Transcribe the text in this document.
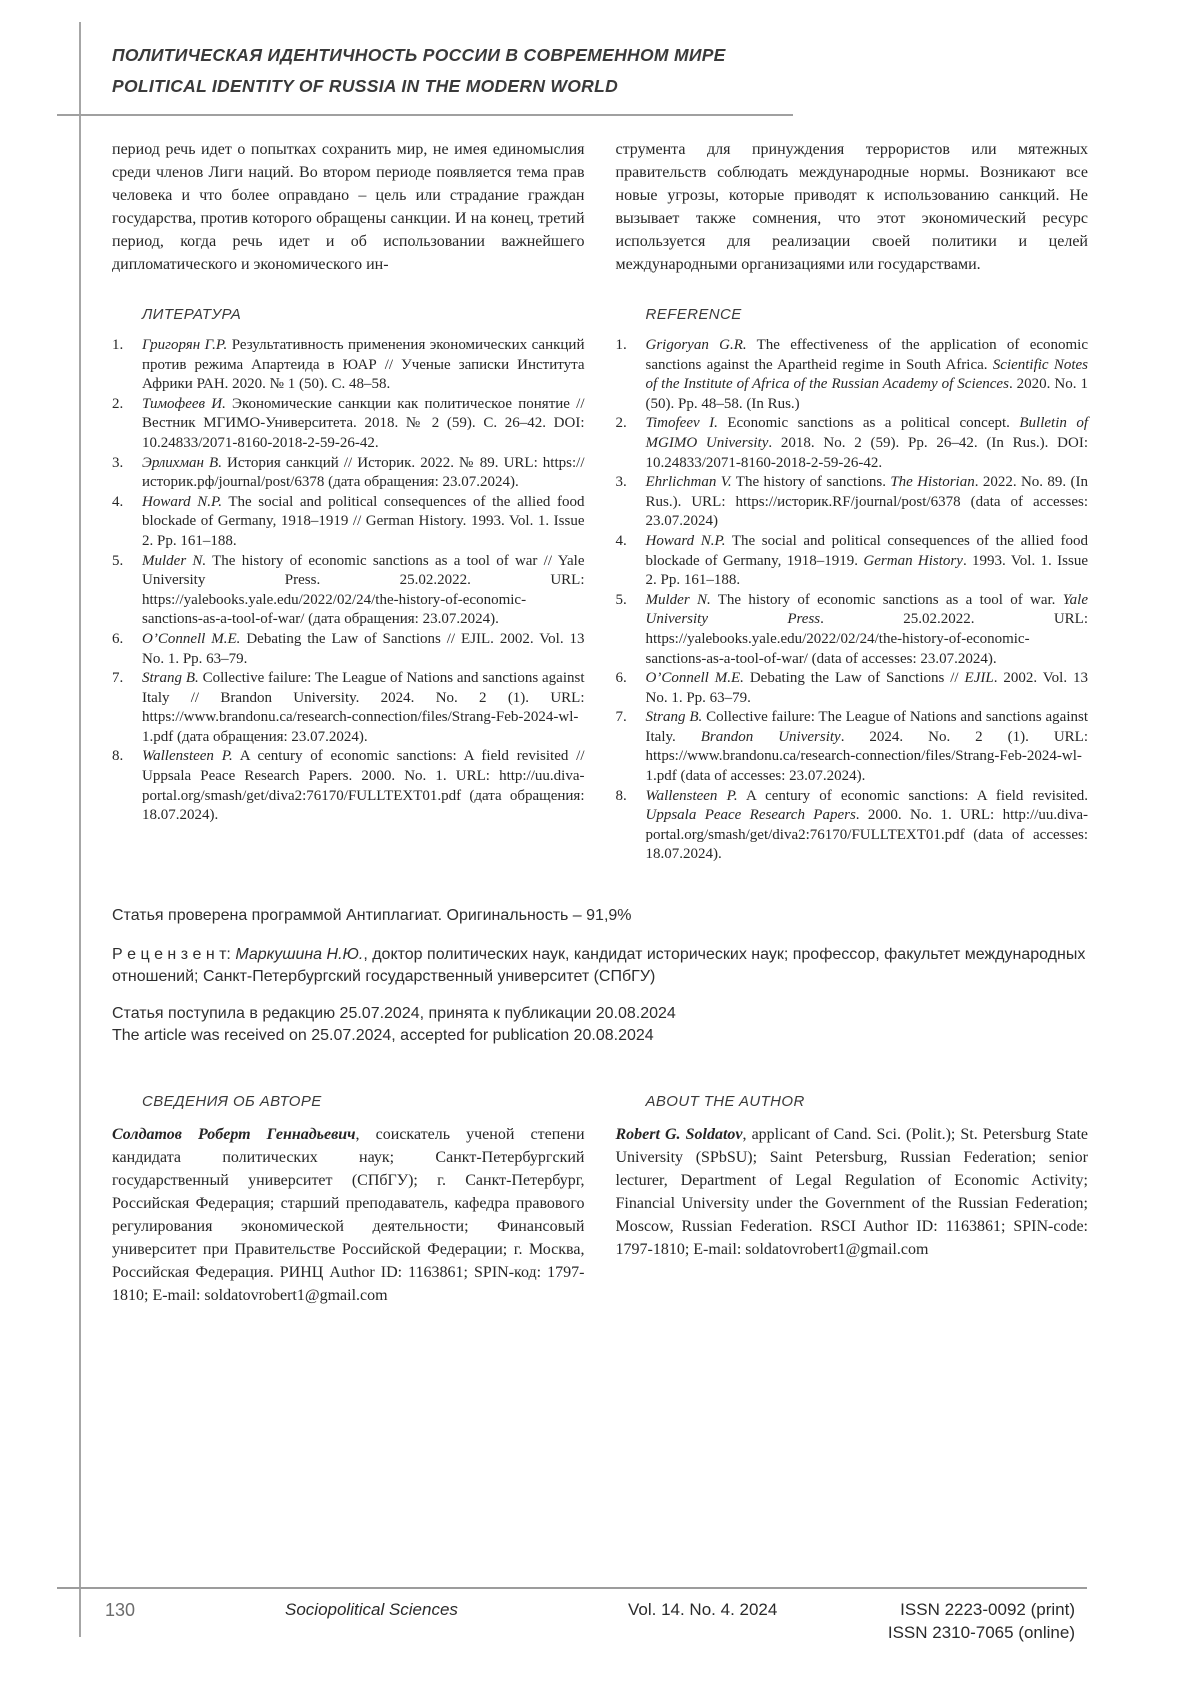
ПОЛИТИЧЕСКАЯ ИДЕНТИЧНОСТЬ РОССИИ В СОВРЕМЕННОМ МИРЕ
POLITICAL IDENTITY OF RUSSIA IN THE MODERN WORLD

период речь идет о попытках сохранить мир, не имея единомыслия среди членов Лиги наций. Во втором периоде появляется тема прав человека и что более оправдано – цель или страдание граждан государства, против которого обращены санкции. И на конец, третий период, когда речь идет и об использовании важнейшего дипломатического и экономического ин-

ЛИТЕРАТУРА
1.	Григорян Г.Р. Результативность применения экономических санкций против режима Апартеида в ЮАР // Ученые записки Института Африки РАН. 2020. № 1 (50). С. 48–58.
2.	Тимофеев И. Экономические санкции как политическое понятие // Вестник МГИМО-Университета. 2018. № 2 (59). С. 26–42. DOI: 10.24833/2071-8160-2018-2-59-26-42.
3.	Эрлихман В. История санкций // Историк. 2022. № 89. URL: https://историк.рф/journal/post/6378 (дата обращения: 23.07.2024).
4.	Howard N.P. The social and political consequences of the allied food blockade of Germany, 1918–1919 // German History. 1993. Vol. 1. Issue 2. Pp. 161–188.
5.	Mulder N. The history of economic sanctions as a tool of war // Yale University Press. 25.02.2022. URL: https://yalebooks.yale.edu/2022/02/24/the-history-of-economic-sanctions-as-a-tool-of-war/ (дата обращения: 23.07.2024).
6.	O’Connell M.E. Debating the Law of Sanctions // EJIL. 2002. Vol. 13 No. 1. Pp. 63–79.
7.	Strang B. Collective failure: The League of Nations and sanctions against Italy // Brandon University. 2024. No. 2 (1). URL: https://www.brandonu.ca/research-connection/files/Strang-Feb-2024-wl-1.pdf (дата обращения: 23.07.2024).
8.	Wallensteen P. A century of economic sanctions: A field revisited // Uppsala Peace Research Papers. 2000. No. 1. URL: http://uu.diva-portal.org/smash/get/diva2:76170/FULLTEXT01.pdf (дата обращения: 18.07.2024).

струмента для принуждения террористов или мятежных правительств соблюдать международные нормы. Возникают все новые угрозы, которые приводят к использованию санкций. Не вызывает также сомнения, что этот экономический ресурс используется для реализации своей политики и целей международными организациями или государствами.

REFERENCE
1.	Grigoryan G.R. The effectiveness of the application of economic sanctions against the Apartheid regime in South Africa. Scientific Notes of the Institute of Africa of the Russian Academy of Sciences. 2020. No. 1 (50). Pp. 48–58. (In Rus.)
2.	Timofeev I. Economic sanctions as a political concept. Bulletin of MGIMO University. 2018. No. 2 (59). Pp. 26–42. (In Rus.). DOI: 10.24833/2071-8160-2018-2-59-26-42.
3.	Ehrlichman V. The history of sanctions. The Historian. 2022. No. 89. (In Rus.). URL: https://историк.RF/journal/post/6378 (data of accesses: 23.07.2024)
4.	Howard N.P. The social and political consequences of the allied food blockade of Germany, 1918–1919. German History. 1993. Vol. 1. Issue 2. Pp. 161–188.
5.	Mulder N. The history of economic sanctions as a tool of war. Yale University Press. 25.02.2022. URL: https://yalebooks.yale.edu/2022/02/24/the-history-of-economic-sanctions-as-a-tool-of-war/ (data of accesses: 23.07.2024).
6.	O’Connell M.E. Debating the Law of Sanctions // EJIL. 2002. Vol. 13 No. 1. Pp. 63–79.
7.	Strang B. Collective failure: The League of Nations and sanctions against Italy. Brandon University. 2024. No. 2 (1). URL: https://www.brandonu.ca/research-connection/files/Strang-Feb-2024-wl-1.pdf (data of accesses: 23.07.2024).
8.	Wallensteen P. A century of economic sanctions: A field revisited. Uppsala Peace Research Papers. 2000. No. 1. URL: http://uu.diva-portal.org/smash/get/diva2:76170/FULLTEXT01.pdf (data of accesses: 18.07.2024).
Статья проверена программой Антиплагиат. Оригинальность – 91,9%
Р е ц е н з е н т: Маркушина Н.Ю., доктор политических наук, кандидат исторических наук; профессор, факультет международных отношений; Санкт-Петербургский государственный университет (СПбГУ)
Статья поступила в редакцию 25.07.2024, принята к публикации 20.08.2024
The article was received on 25.07.2024, accepted for publication 20.08.2024
СВЕДЕНИЯ ОБ АВТОРЕ

Солдатов Роберт Геннадьевич, соискатель ученой степени кандидата политических наук; Санкт-Петербургский государственный университет (СПбГУ); г. Санкт-Петербург, Российская Федерация; старший преподаватель, кафедра правового регулирования экономической деятельности; Финансовый университет при Правительстве Российской Федерации; г. Москва, Российская Федерация. РИНЦ Author ID: 1163861; SPIN-код: 1797-1810; E-mail: soldatovrobert1@gmail.com

ABOUT THE AUTHOR

Robert G. Soldatov, applicant of Cand. Sci. (Polit.); St. Petersburg State University (SPbSU); Saint Petersburg, Russian Federation; senior lecturer, Department of Legal Regulation of Economic Activity; Financial University under the Government of the Russian Federation; Moscow, Russian Federation. RSCI Author ID: 1163861; SPIN-code: 1797-1810; E-mail: soldatovrobert1@gmail.com

130	Sociopolitical Sciences	Vol. 14. No. 4. 2024	ISSN 2223-0092 (print)
ISSN 2310-7065 (online)
